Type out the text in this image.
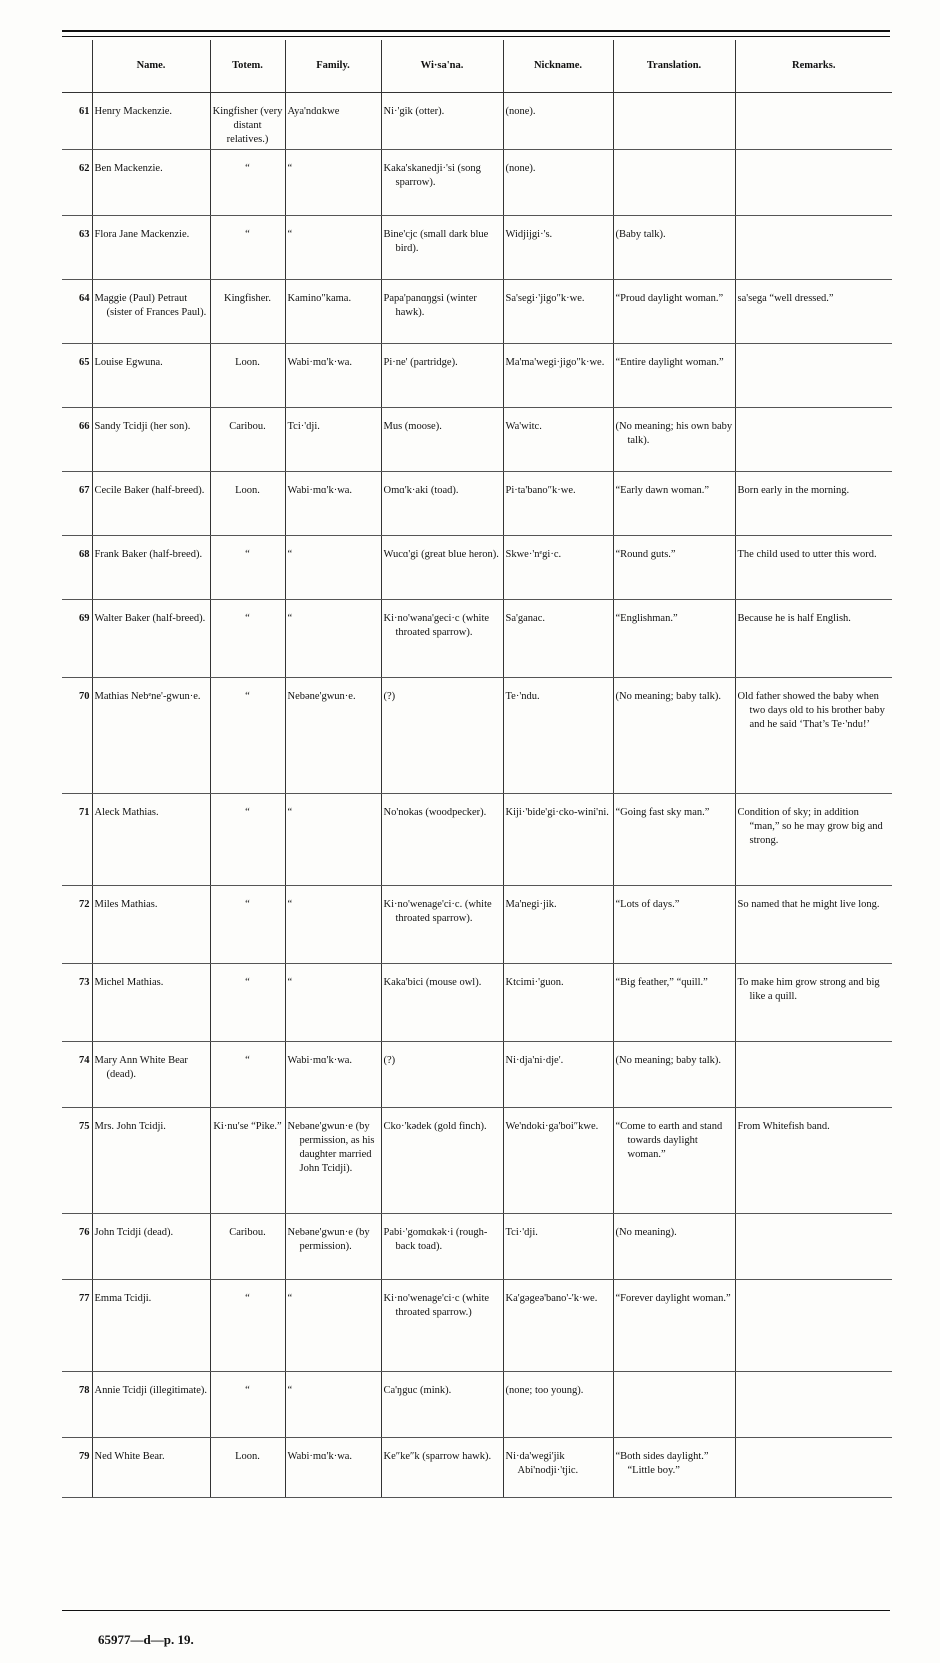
	Name.	Totem.	Family.	Wi·sa'na.	Nickname.	Translation.	Remarks.
61	Henry Mackenzie.	Kingfisher (very distant relatives.)	Aya'ndɑkwe	Ni·'gik (otter).	(none).		

62	Ben Mackenzie.	“	“	Kaka'skanedji·'si (song sparrow).	(none).		

63	Flora Jane Mackenzie.	“	“	Bine'cjc (small dark blue bird).	Widjijgi·'s.	(Baby talk).	

64	Maggie (Paul) Petraut (sister of Frances Paul).	Kingfisher.	Kamino″kama.	Papa'panɑŋgsi (winter hawk).	Sa'segi·'jigo″k·we.	“Proud daylight woman.”	sa'sega “well dressed.”

65	Louise Egwuna.	Loon.	Wabi·mɑ'k·wa.	Pi·ne' (partridge).	Ma'ma'wegi·jigo″k·we.	“Entire daylight woman.”	

66	Sandy Tcidji (her son).	Caribou.	Tci·'dji.	Mus (moose).	Wa'witc.	(No meaning; his own baby talk).	

67	Cecile Baker (half-breed).	Loon.	Wabi·mɑ'k·wa.	Omɑ'k·aki (toad).	Pi·ta'bano″k·we.	“Early dawn woman.”	Born early in the morning.

68	Frank Baker (half-breed).	“	“	Wucɑ'gi (great blue heron).	Skwe·'nᵉgi·c.	“Round guts.”	The child used to utter this word.

69	Walter Baker (half-breed).	“	“	Ki·no'wəna'geci·c (white throated sparrow).	Sa'ganac.	“Englishman.”	Because he is half English.

70	Mathias Nebᵉne'-gwun·e.	“	Nebəne'gwun·e.	(?)	Te·'ndu.	(No meaning; baby talk).	Old father showed the baby when two days old to his brother baby and he said ‘That’s Te·'ndu!’

71	Aleck Mathias.	“	“	No'nokas (woodpecker).	Kiji·'bide'gi·cko-wini'ni.	“Going fast sky man.”	Condition of sky; in addition “man,” so he may grow big and strong.

72	Miles Mathias.	“	“	Ki·no'wenage'ci·c. (white throated sparrow).	Ma'negi·jik.	“Lots of days.”	So named that he might live long.

73	Michel Mathias.	“	“	Kaka'bici (mouse owl).	Ktcimi·'guon.	“Big feather,” “quill.”	To make him grow strong and big like a quill.

74	Mary Ann White Bear (dead).	“	Wabi·mɑ'k·wa.	(?)	Ni·dja'ni·dje'.	(No meaning; baby talk).	

75	Mrs. John Tcidji.	Ki·nu'se “Pike.”	Nebəne'gwun·e (by permission, as his daughter married John Tcidji).	Cko·'kədek (gold finch).	We'ndoki·ga'boi″kwe.	“Come to earth and stand towards daylight woman.”	From Whitefish band.

76	John Tcidji (dead).	Caribou.	Nebəne'gwun·e (by permission).	Pabi·'gomɑkək·i (rough-back toad).	Tci·'dji.	(No meaning).	

77	Emma Tcidji.	“	“	Ki·no'wenage'ci·c (white throated sparrow.)	Ka'gəgeə'bano'-'k·we.	“Forever daylight woman.”	

78	Annie Tcidji (illegitimate).	“	“	Ca'ŋguc (mink).	(none; too young).		

79	Ned White Bear.	Loon.	Wabi·mɑ'k·wa.	Ke″ke″k (sparrow hawk).	Ni·da'wegi'jik Abi'nodji·'tjic.	“Both sides daylight.” “Little boy.”	

65977—d—p. 19.
